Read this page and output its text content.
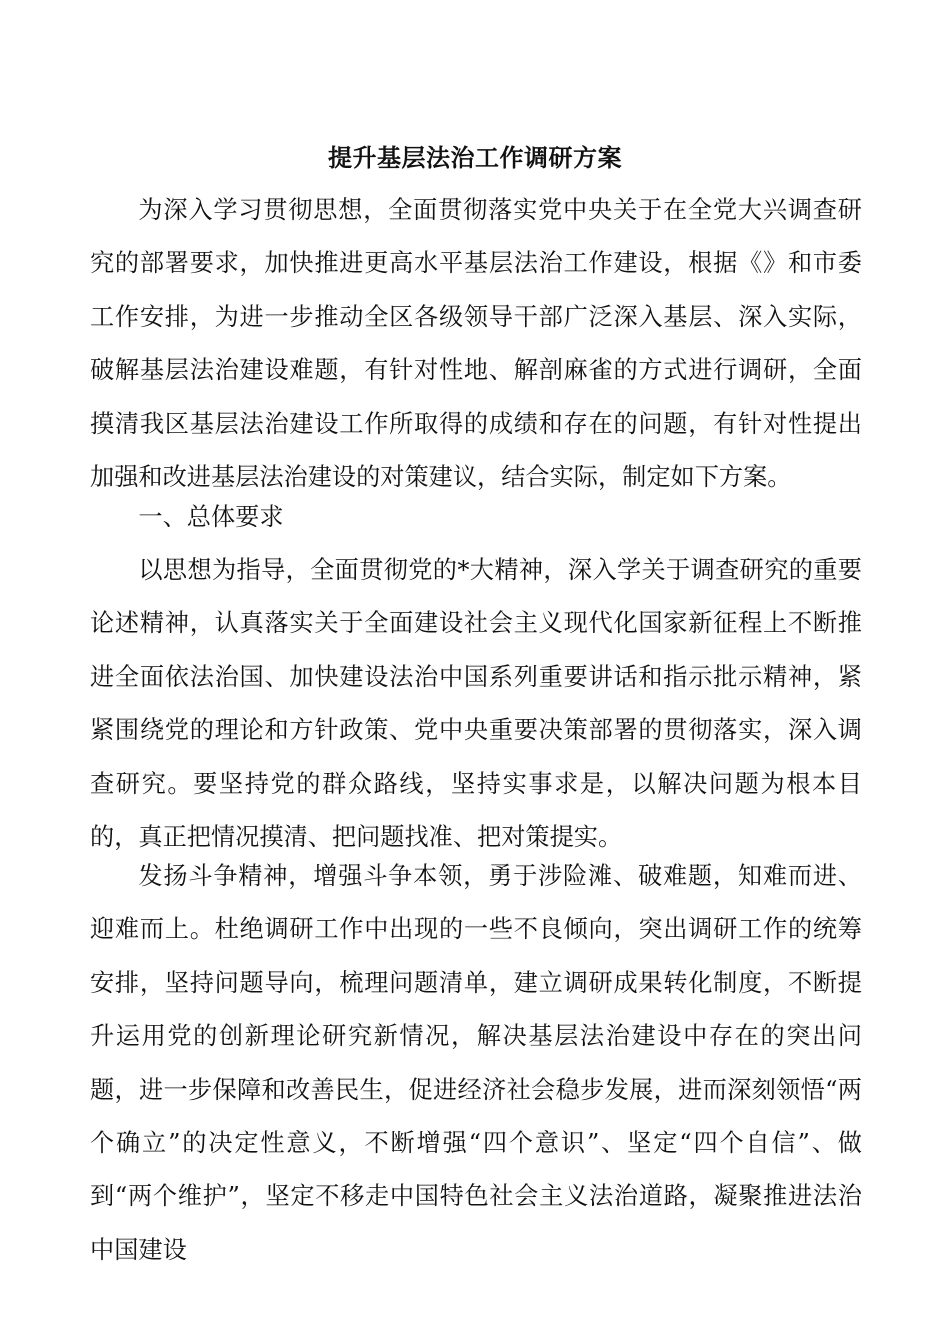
提升基层法治工作调研方案

为深入学习贯彻思想，全面贯彻落实党中央关于在全党大兴调查研究的部署要求，加快推进更高水平基层法治工作建设，根据《》和市委工作安排，为进一步推动全区各级领导干部广泛深入基层、深入实际，破解基层法治建设难题，有针对性地、解剖麻雀的方式进行调研，全面摸清我区基层法治建设工作所取得的成绩和存在的问题，有针对性提出加强和改进基层法治建设的对策建议，结合实际，制定如下方案。

一、总体要求

以思想为指导，全面贯彻党的*大精神，深入学关于调查研究的重要论述精神，认真落实关于全面建设社会主义现代化国家新征程上不断推进全面依法治国、加快建设法治中国系列重要讲话和指示批示精神，紧紧围绕党的理论和方针政策、党中央重要决策部署的贯彻落实，深入调查研究。要坚持党的群众路线，坚持实事求是，以解决问题为根本目的，真正把情况摸清、把问题找准、把对策提实。

发扬斗争精神，增强斗争本领，勇于涉险滩、破难题，知难而进、迎难而上。杜绝调研工作中出现的一些不良倾向，突出调研工作的统筹安排，坚持问题导向，梳理问题清单，建立调研成果转化制度，不断提升运用党的创新理论研究新情况，解决基层法治建设中存在的突出问题，进一步保障和改善民生，促进经济社会稳步发展，进而深刻领悟“两个确立”的决定性意义，不断增强“四个意识”、坚定“四个自信”、做到“两个维护”，坚定不移走中国特色社会主义法治道路，凝聚推进法治中国建设
